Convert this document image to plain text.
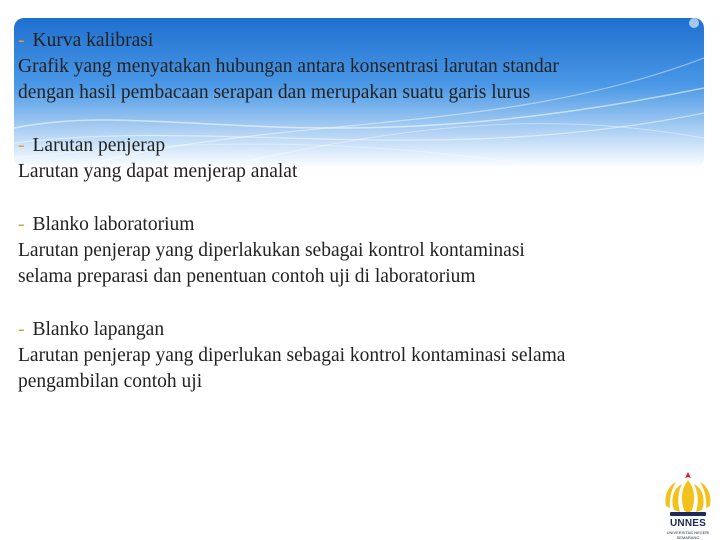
- Kurva kalibrasi
Grafik yang menyatakan hubungan antara konsentrasi larutan standar
dengan hasil pembacaan serapan dan merupakan suatu garis lurus
- Larutan penjerap
Larutan yang dapat menjerap analat
- Blanko laboratorium
Larutan penjerap yang diperlakukan sebagai kontrol kontaminasi
selama preparasi dan penentuan contoh uji di laboratorium
- Blanko lapangan
Larutan penjerap yang diperlukan sebagai kontrol kontaminasi selama
pengambilan contoh uji
UNNES
UNIVERSITAS NEGERI SEMARANG
